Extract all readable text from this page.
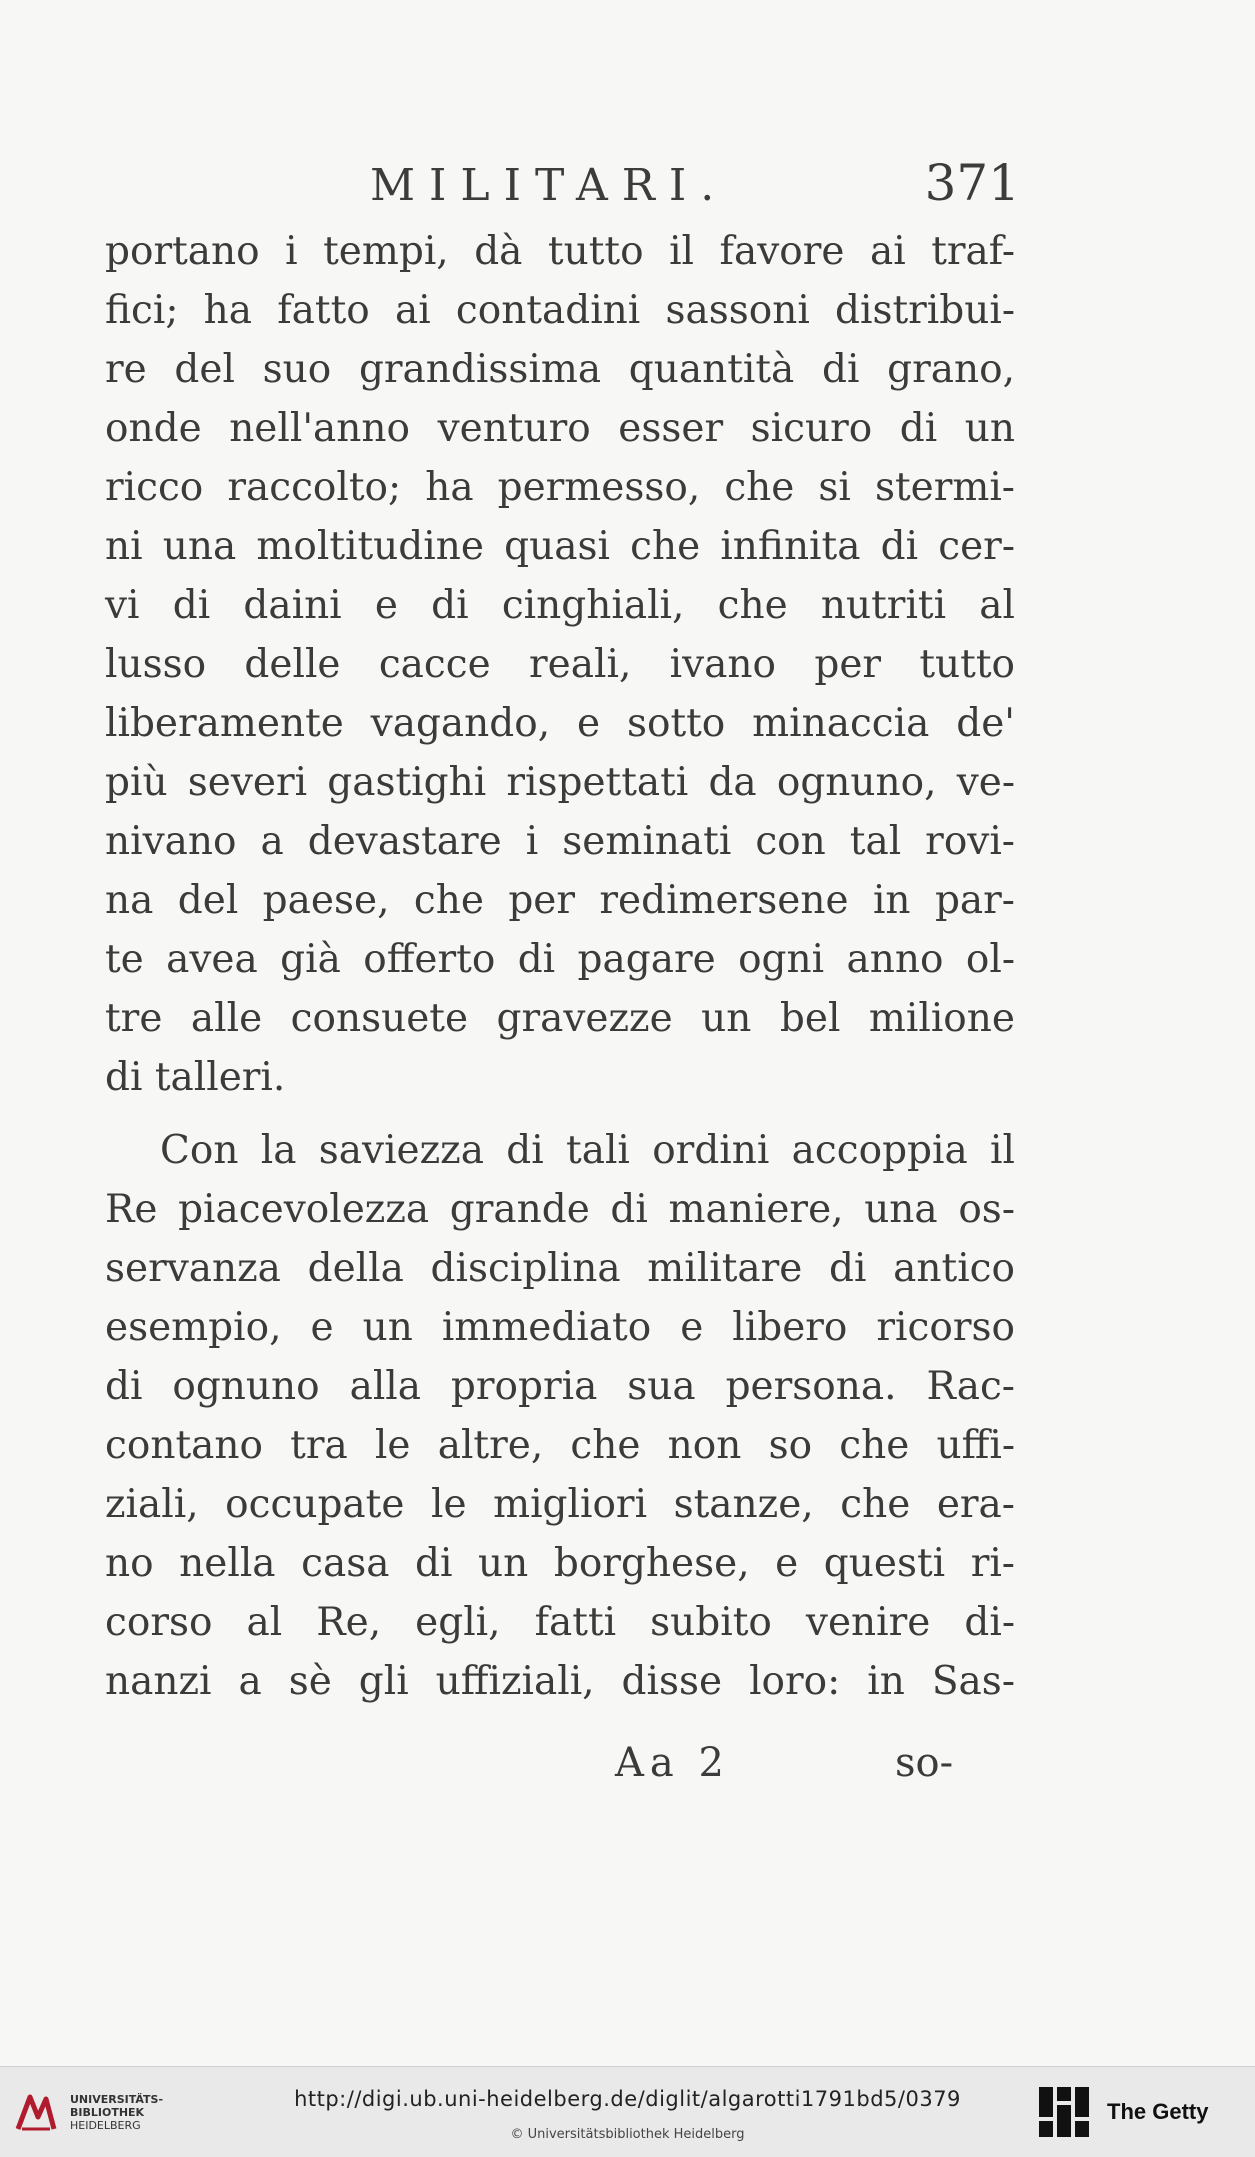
MILITARI.	371
portano i tempi, dà tutto il favore ai traf-
fici; ha fatto ai contadini sassoni distribui-
re del suo grandissima quantità di grano,
onde nell'anno venturo esser sicuro di un
ricco raccolto; ha permesso, che si stermi-
ni una moltitudine quasi che infinita di cer-
vi di daini e di cinghiali, che nutriti al
lusso delle cacce reali, ivano per tutto
liberamente vagando, e sotto minaccia de'
più severi gastighi rispettati da ognuno, ve-
nivano a devastare i seminati con tal rovi-
na del paese, che per redimersene in par-
te avea già offerto di pagare ogni anno ol-
tre alle consuete gravezze un bel milione
di talleri.
Con la saviezza di tali ordini accoppia il
Re piacevolezza grande di maniere, una os-
servanza della disciplina militare di antico
esempio, e un immediato e libero ricorso
di ognuno alla propria sua persona. Rac-
contano tra le altre, che non so che uffi-
ziali, occupate le migliori stanze, che era-
no nella casa di un borghese, e questi ri-
corso al Re, egli, fatti subito venire di-
nanzi a sè gli uffiziali, disse loro: in Sas-
Aa 2	so-
UNIVERSITÄTS-
BIBLIOTHEK
HEIDELBERG
http://digi.ub.uni-heidelberg.de/diglit/algarotti1791bd5/0379
© Universitätsbibliothek Heidelberg
The Getty
